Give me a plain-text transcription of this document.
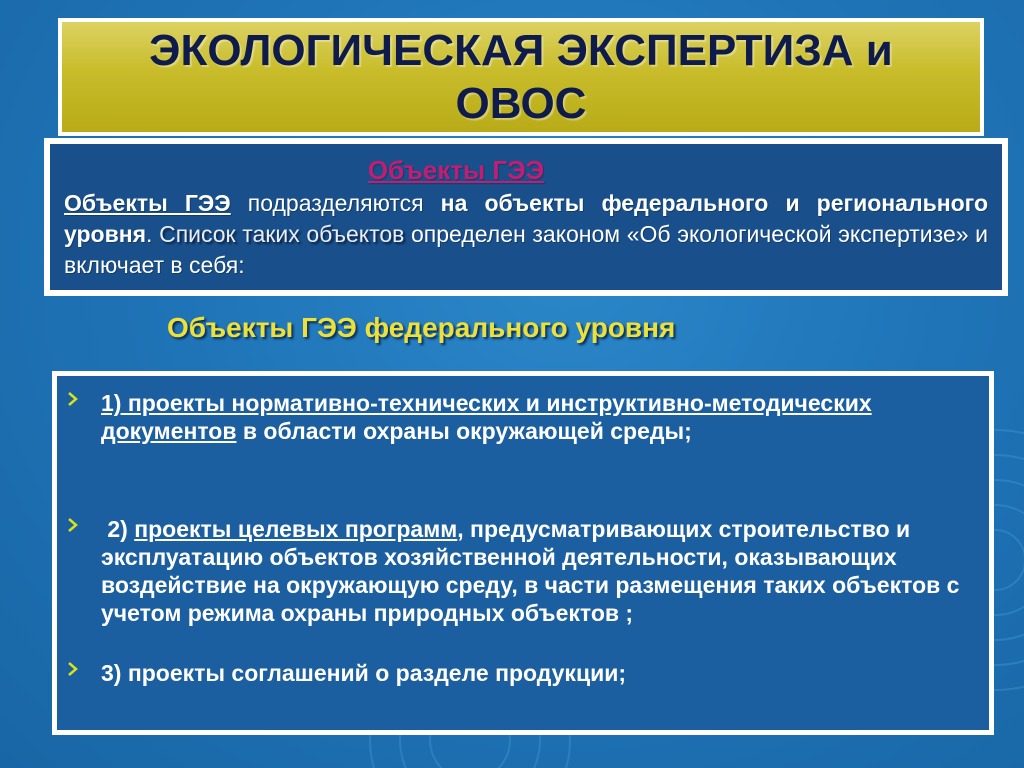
ЭКОЛОГИЧЕСКАЯ ЭКСПЕРТИЗА и
ОВОС
Объекты ГЭЭ
Объекты ГЭЭ подразделяются на объекты федерального и регионального уровня. Список таких объектов определен законом «Об экологической экспертизе» и включает в себя:
Объекты ГЭЭ федерального уровня
1) проекты нормативно-технических и инструктивно-методических документов в области охраны окружающей среды;
2) проекты целевых программ, предусматривающих строительство и эксплуатацию объектов хозяйственной деятельности, оказывающих воздействие на окружающую среду, в части размещения таких объектов с учетом режима охраны природных объектов ;
3) проекты соглашений о разделе продукции;
